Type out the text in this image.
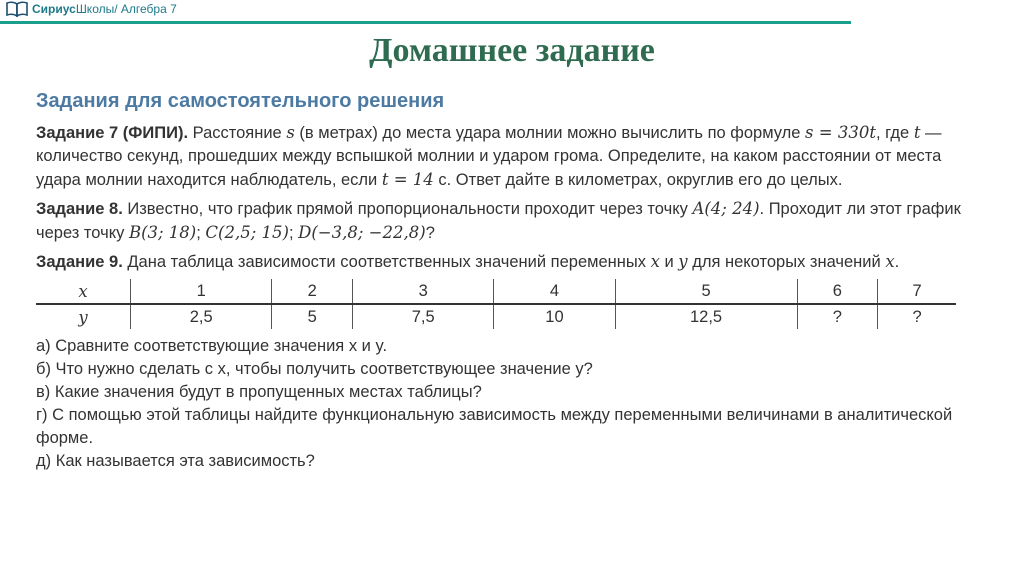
СириусШколы/ Алгебра 7
Домашнее задание
Задания для самостоятельного решения

Задание 7 (ФИПИ). Расстояние s (в метрах) до места удара молнии можно вычислить по формуле s = 330t, где t — количество секунд, прошедших между вспышкой молнии и ударом грома. Определите, на каком расстоянии от места удара молнии находится наблюдатель, если t = 14 с. Ответ дайте в километрах, округлив его до целых.

Задание 8. Известно, что график прямой пропорциональности проходит через точку A(4; 24). Проходит ли этот график через точку B(3; 18); C(2,5; 15); D(−3,8; −22,8)?

Задание 9. Дана таблица зависимости соответственных значений переменных x и y для некоторых значений x.

x	1	2	3	4	5	6	7
y	2,5	5	7,5	10	12,5	?	?

а) Сравните соответствующие значения x и y.

б) Что нужно сделать с x, чтобы получить соответствующее значение y?

в) Какие значения будут в пропущенных местах таблицы?

г) С помощью этой таблицы найдите функциональную зависимость между переменными величинами в аналитической форме.

д) Как называется эта зависимость?
